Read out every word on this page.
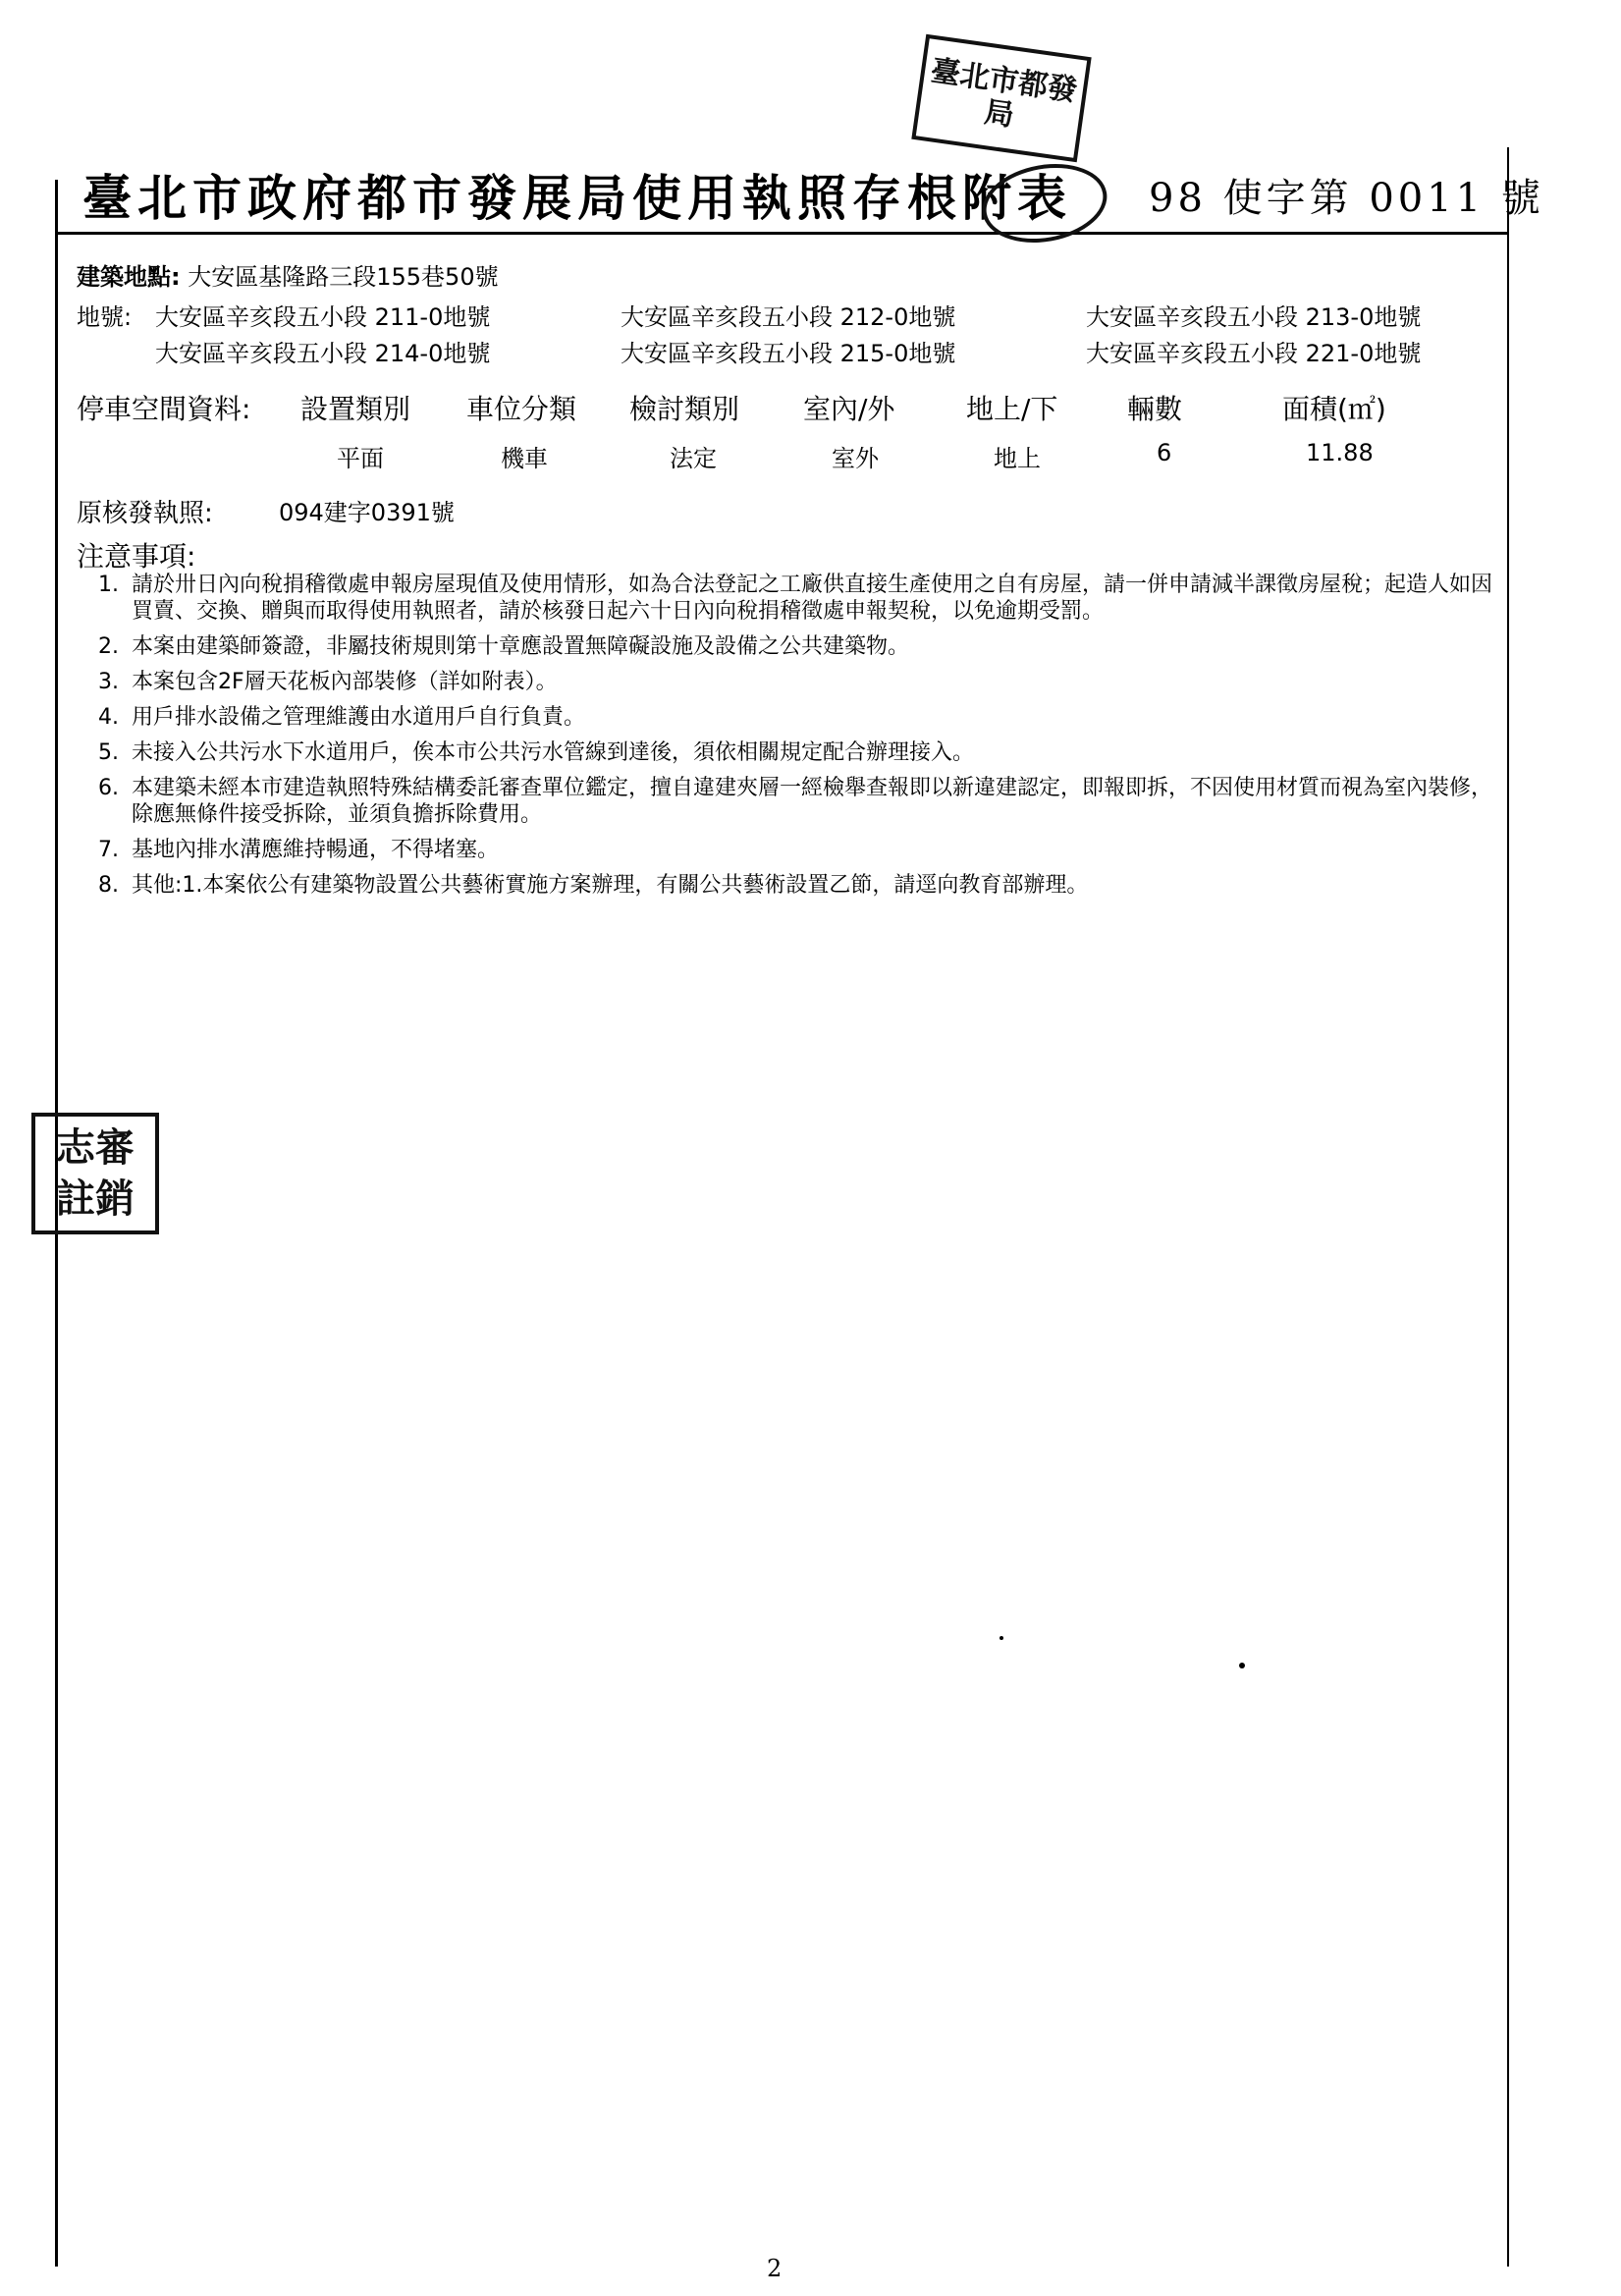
臺北市政府都市發展局使用執照存根附表 98 使字第 0011 號
臺北市都發局
志審註銷
建築地點: 大安區基隆路三段155巷50號
地號: 大安區辛亥段五小段 211-0地號	大安區辛亥段五小段 212-0地號	大安區辛亥段五小段 213-0地號
大安區辛亥段五小段 214-0地號	大安區辛亥段五小段 215-0地號	大安區辛亥段五小段 221-0地號
停車空間資料: 設置類別 車位分類 檢討類別 室內/外	地上/下	輛數	面積(㎡)
平面	機車	法定	室外	地上	6	11.88
原核發執照:	094建字0391號
注意事項:
1. 請於卅日內向稅捐稽徵處申報房屋現值及使用情形，如為合法登記之工廠供直接生產使用之自有房屋，請一併申請減半課徵房屋稅；起造人如因買賣、交換、贈與而取得使用執照者，請於核發日起六十日內向稅捐稽徵處申報契稅，以免逾期受罰。
2. 本案由建築師簽證，非屬技術規則第十章應設置無障礙設施及設備之公共建築物。
3. 本案包含2F層天花板內部裝修（詳如附表）。
4. 用戶排水設備之管理維護由水道用戶自行負責。
5. 未接入公共污水下水道用戶，俟本市公共污水管線到達後，須依相關規定配合辦理接入。
6. 本建築未經本市建造執照特殊結構委託審查單位鑑定，擅自違建夾層一經檢舉查報即以新違建認定，即報即拆，不因使用材質而視為室內裝修，除應無條件接受拆除，並須負擔拆除費用。
7. 基地內排水溝應維持暢通，不得堵塞。
8. 其他:1.本案依公有建築物設置公共藝術實施方案辦理，有關公共藝術設置乙節，請逕向教育部辦理。
2
